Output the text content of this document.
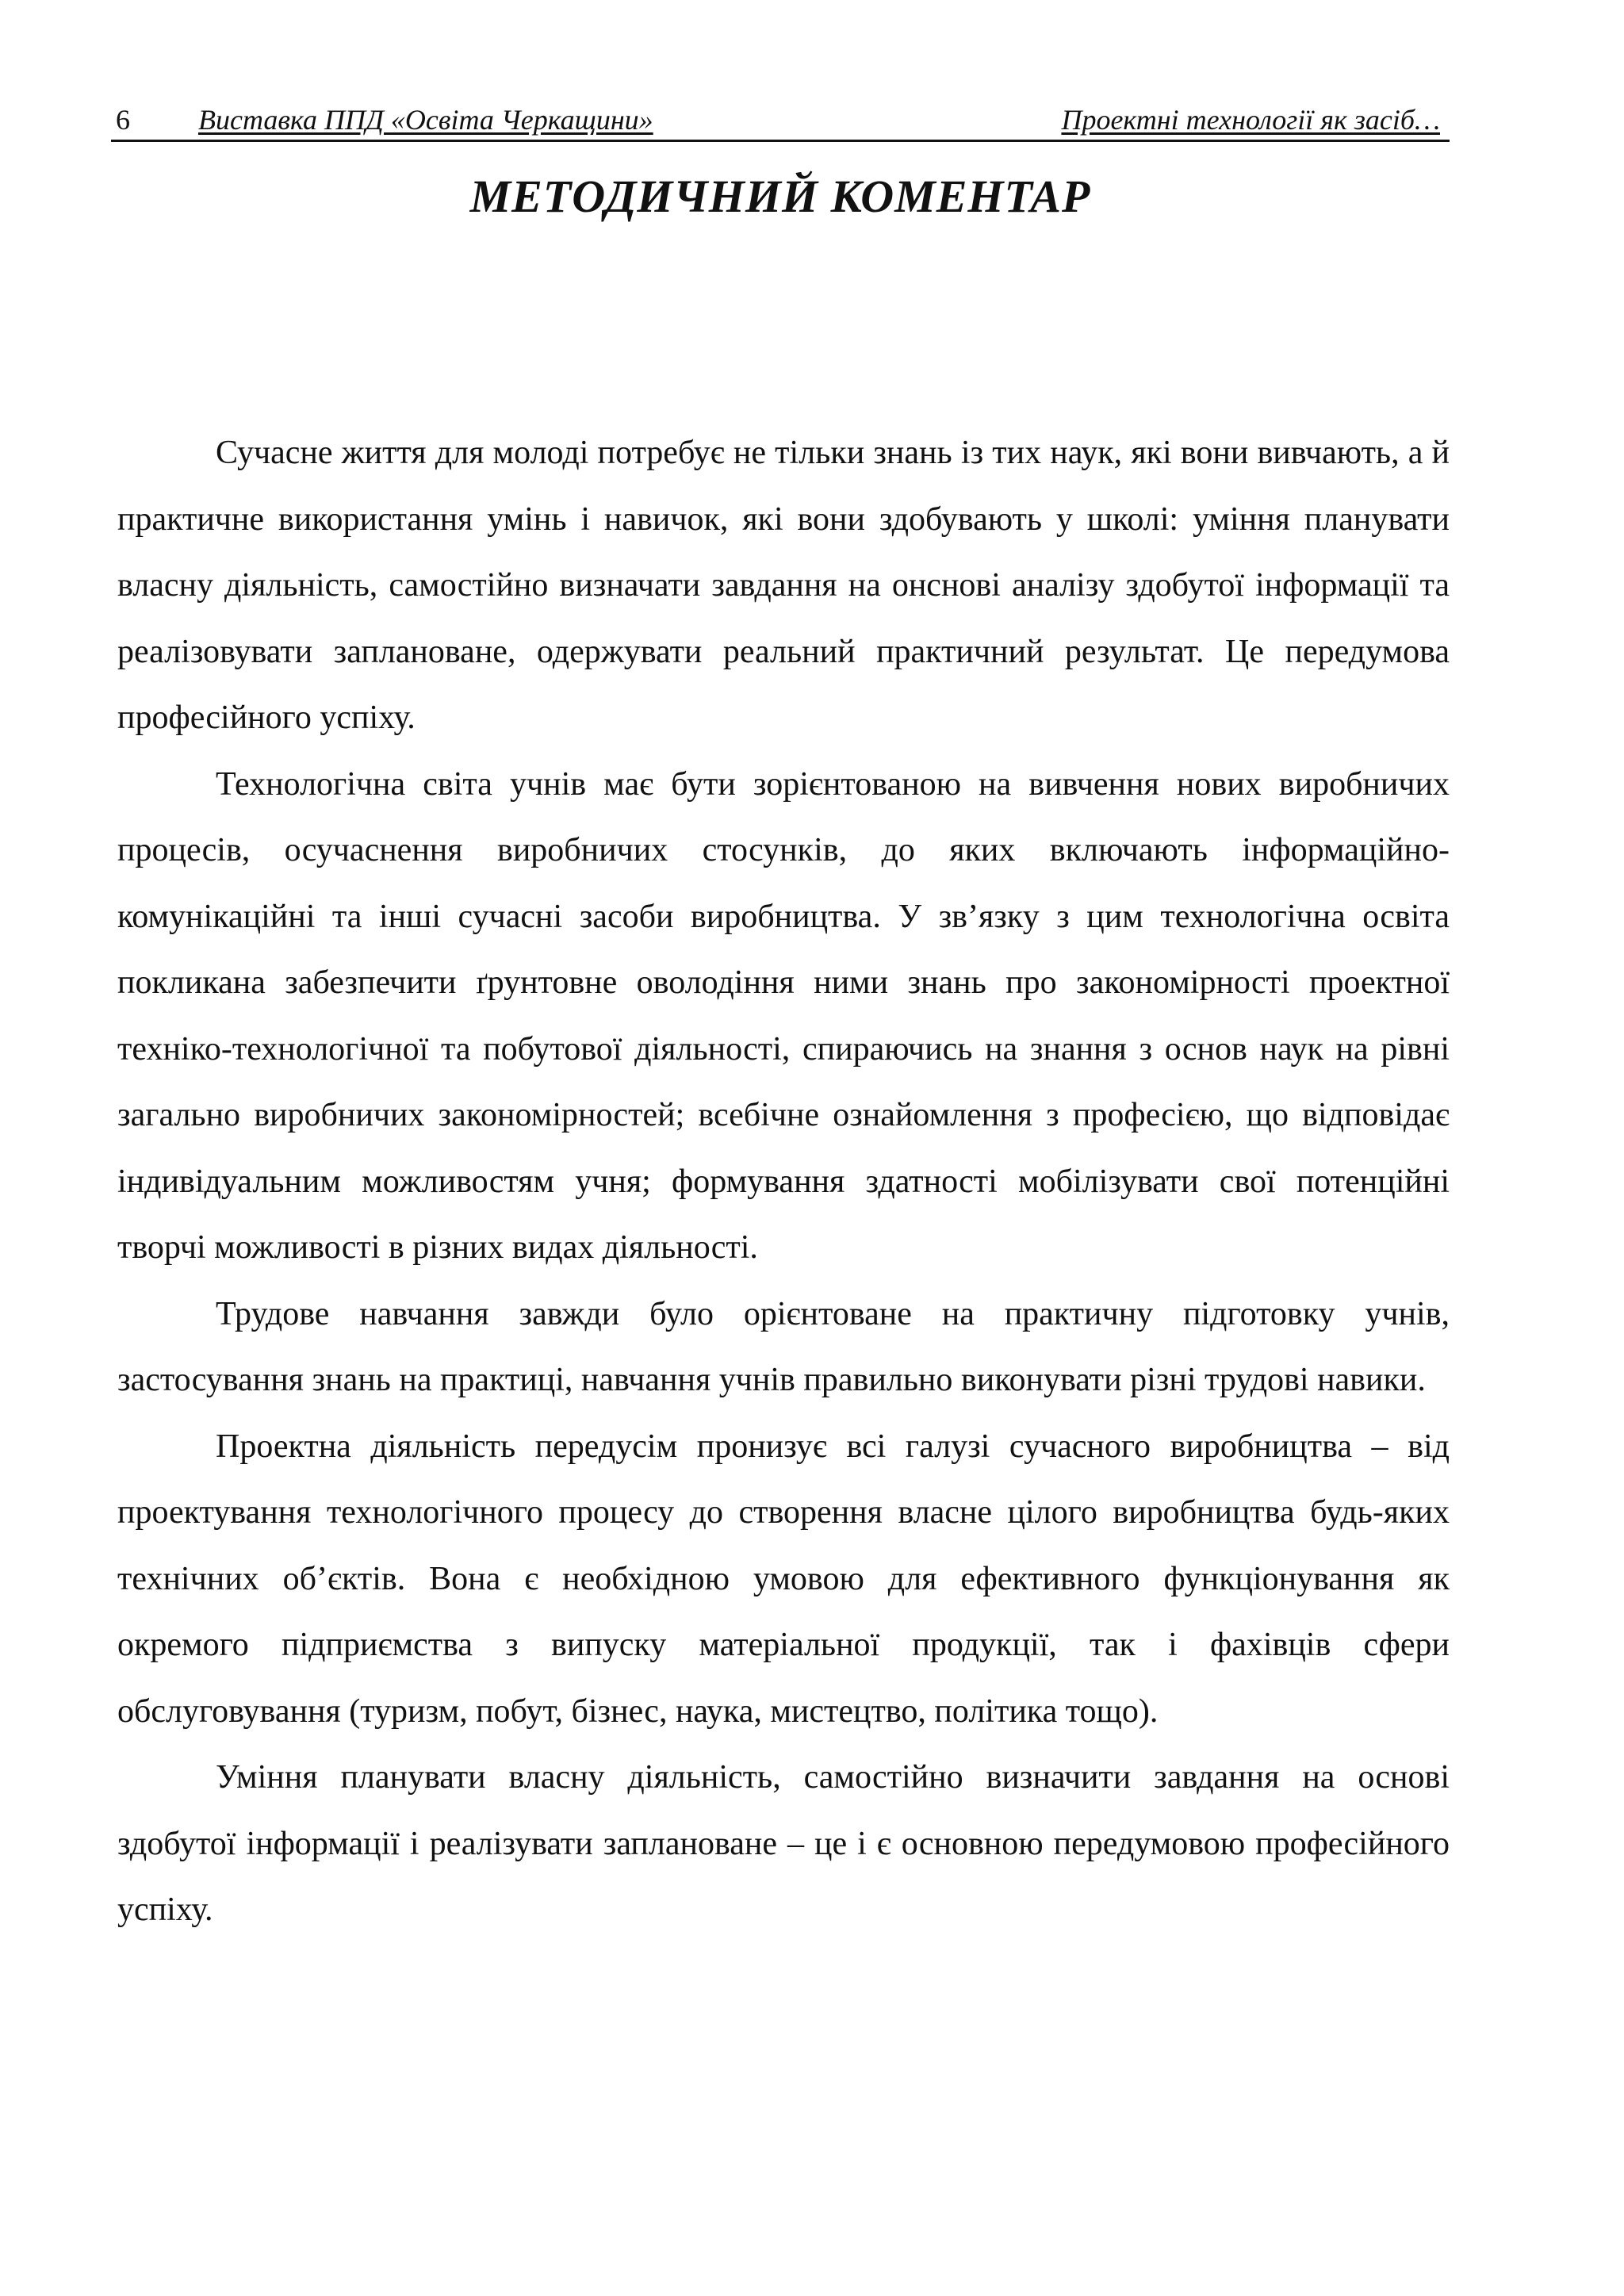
6 Виставка ППД «Освіта Черкащини»	Проектні технології як засіб…
МЕТОДИЧНИЙ КОМЕНТАР

Сучасне життя для молоді потребує не тільки знань із тих наук, які вони вивчають, а й практичне використання умінь і навичок, які вони здобувають у школі: уміння планувати власну діяльність, самостійно визначати завдання на онснові аналізу здобутої інформації та реалізовувати заплановане, одержувати реальний практичний результат. Це передумова професійного успіху.

Технологічна світа учнів має бути зорієнтованою на вивчення нових виробничих процесів, осучаснення виробничих стосунків, до яких включають інформаційно-комунікаційні та інші сучасні засоби виробництва. У зв’язку з цим технологічна освіта покликана забезпечити ґрунтовне оволодіння ними знань про закономірності проектної техніко-технологічної та побутової діяльності, спираючись на знання з основ наук на рівні загально виробничих закономірностей; всебічне ознайомлення з професією, що відповідає індивідуальним можливостям учня; формування здатності мобілізувати свої потенційні творчі можливості в різних видах діяльності.

Трудове навчання завжди було орієнтоване на практичну підготовку учнів, застосування знань на практиці, навчання учнів правильно виконувати різні трудові навики.

Проектна діяльність передусім пронизує всі галузі сучасного виробництва – від проектування технологічного процесу до створення власне цілого виробництва будь-яких технічних об’єктів. Вона є необхідною умовою для ефективного функціонування як окремого підприємства з випуску матеріальної продукції, так і фахівців сфери обслуговування (туризм, побут, бізнес, наука, мистецтво, політика тощо).

Уміння планувати власну діяльність, самостійно визначити завдання на основі здобутої інформації і реалізувати заплановане – це і є основною передумовою професійного успіху.
